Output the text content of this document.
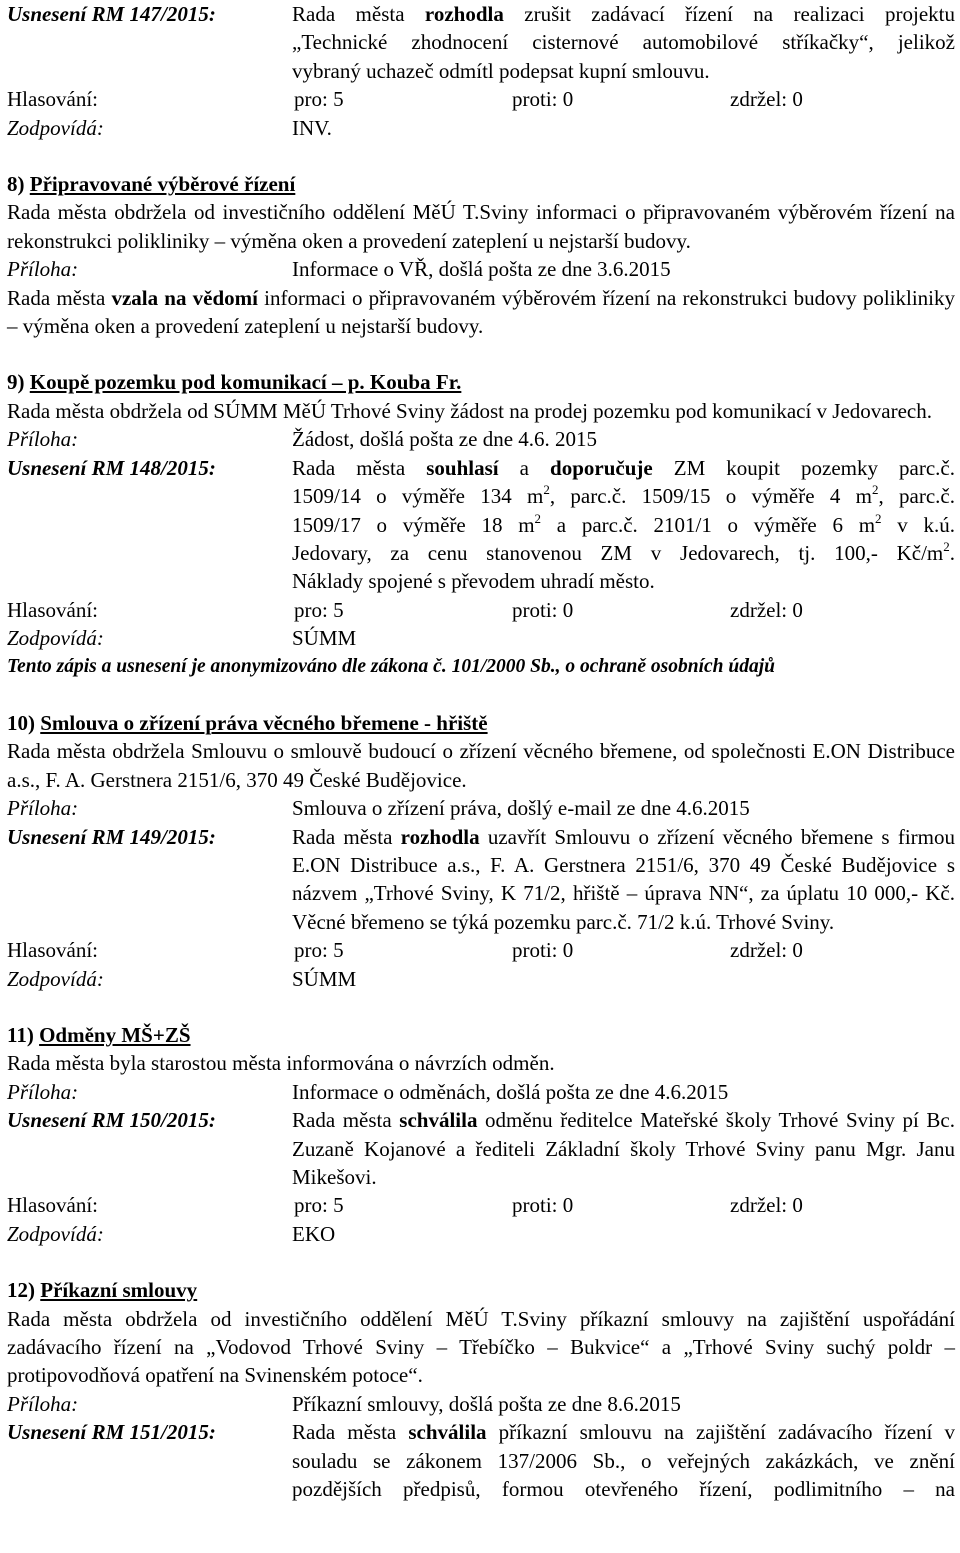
Usnesení RM 147/2015:	Rada města rozhodla zrušit zadávací řízení na realizaci projektu
„Technické zhodnocení cisternové automobilové stříkačky“, jelikož
vybraný uchazeč odmítl podepsat kupní smlouvu.
Hlasování:	pro: 5	proti: 0	zdržel: 0
Zodpovídá:	INV.
8) Připravované výběrové řízení
Rada města obdržela od investičního oddělení MěÚ T.Sviny informaci o připravovaném výběrovém řízení na rekonstrukci polikliniky – výměna oken a provedení zateplení u nejstarší budovy.
Příloha:	Informace o VŘ, došlá pošta ze dne 3.6.2015
Rada města vzala na vědomí informaci o připravovaném výběrovém řízení na rekonstrukci budovy polikliniky – výměna oken a provedení zateplení u nejstarší budovy.
9) Koupě pozemku pod komunikací – p. Kouba Fr.
Rada města obdržela od SÚMM MěÚ Trhové Sviny žádost na prodej pozemku pod komunikací v Jedovarech.
Příloha:	Žádost, došlá pošta ze dne 4.6. 2015
Usnesení RM 148/2015:	Rada města souhlasí a doporučuje ZM koupit pozemky parc.č.
1509/14 o výměře 134 $m^2$, parc.č. 1509/15 o výměře 4 $m^2$, parc.č.
1509/17 o výměře 18 $m^2$ a parc.č. 2101/1 o výměře 6 $m^2$ v k.ú.
Jedovary, za cenu stanovenou ZM v Jedovarech, tj. 100,- $Kč/m^2$.
Náklady spojené s převodem uhradí město.
Hlasování:	pro: 5	proti: 0	zdržel: 0
Zodpovídá:	SÚMM
Tento zápis a usnesení je anonymizováno dle zákona č. 101/2000 Sb., o ochraně osobních údajů
10) Smlouva o zřízení práva věcného břemene - hřiště
Rada města obdržela Smlouvu o smlouvě budoucí o zřízení věcného břemene, od společnosti E.ON Distribuce a.s., F. A. Gerstnera 2151/6, 370 49 České Budějovice.
Příloha:	Smlouva o zřízení práva, došlý e-mail ze dne 4.6.2015
Usnesení RM 149/2015:	Rada města rozhodla uzavřít Smlouvu o zřízení věcného břemene s firmou E.ON Distribuce a.s., F. A. Gerstnera 2151/6, 370 49 České Budějovice s názvem „Trhové Sviny, K 71/2, hřiště – úprava NN“, za úplatu 10 000,- Kč. Věcné břemeno se týká pozemku parc.č. 71/2 k.ú. Trhové Sviny.
Hlasování:	pro: 5	proti: 0	zdržel: 0
Zodpovídá:	SÚMM
11) Odměny MŠ+ZŠ
Rada města byla starostou města informována o návrzích odměn.
Příloha:	Informace o odměnách, došlá pošta ze dne 4.6.2015
Usnesení RM 150/2015:	Rada města schválila odměnu ředitelce Mateřské školy Trhové Sviny pí Bc. Zuzaně Kojanové a řediteli Základní školy Trhové Sviny panu Mgr. Janu Mikešovi.
Hlasování:	pro: 5	proti: 0	zdržel: 0
Zodpovídá:	EKO
12) Příkazní smlouvy
Rada města obdržela od investičního oddělení MěÚ T.Sviny příkazní smlouvy na zajištění uspořádání zadávacího řízení na „Vodovod Trhové Sviny – Třebíčko – Bukvice“ a „Trhové Sviny suchý poldr – protipovodňová opatření na Svinenském potoce“.
Příloha:	Příkazní smlouvy, došlá pošta ze dne 8.6.2015
Usnesení RM 151/2015:	Rada města schválila příkazní smlouvu na zajištění zadávacího řízení v souladu se zákonem 137/2006 Sb., o veřejných zakázkách, ve znění pozdějších předpisů, formou otevřeného řízení, podlimitního – na
